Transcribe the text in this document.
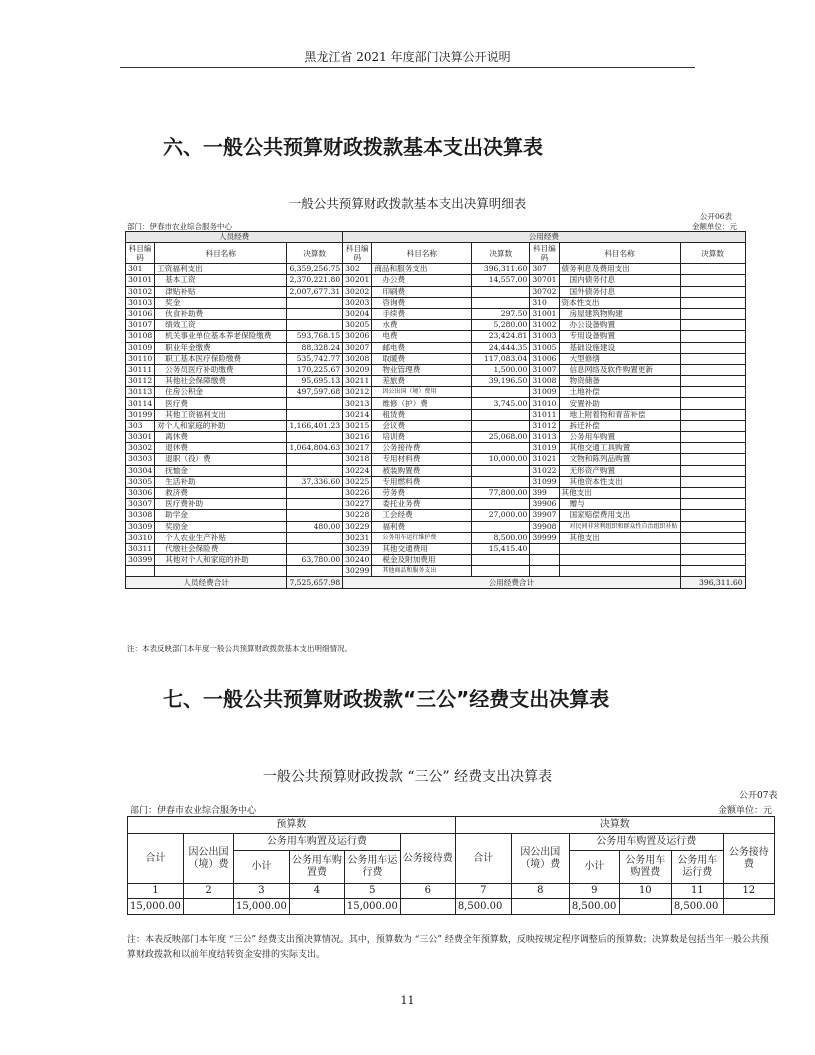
黑龙江省 2021 年度部门决算公开说明
六、一般公共预算财政拨款基本支出决算表
一般公共预算财政拨款基本支出决算明细表
公开06表
部门：伊春市农业综合服务中心	金额单位：元
人员经费			公用经费					
科目编码	科目名称	决算数	科目编码	科目名称	决算数	科目编码	科目名称	决算数
301	工资福利支出	6,359,256.75	302	商品和服务支出	396,311.60	307	债务利息及费用支出	
30101	基本工资	2,370,221.80	30201	办公费	14,557.00	30701	国内债务付息	
30102	津贴补贴	2,007,677.31	30202	印刷费		30702	国外债务付息	
30103	奖金		30203	咨询费		310	资本性支出	
30106	伙食补助费		30204	手续费	297.50	31001	房屋建筑物购建	
30107	绩效工资		30205	水费	5,280.00	31002	办公设备购置	
30108	机关事业单位基本养老保险缴费	593,768.15	30206	电费	23,424.81	31003	专用设备购置	
30109	职业年金缴费	88,328.24	30207	邮电费	24,444.35	31005	基础设施建设	
30110	职工基本医疗保险缴费	535,742.77	30208	取暖费	117,083.04	31006	大型修缮	
30111	公务员医疗补助缴费	170,225.67	30209	物业管理费	1,500.00	31007	信息网络及软件购置更新	
30112	其他社会保障缴费	95,695.13	30211	差旅费	39,196.50	31008	物资储备	
30113	住房公积金	497,597.68	30212	因公出国（境）费用		31009	土地补偿	
30114	医疗费		30213	维修（护）费	3,745.00	31010	安置补助	
30199	其他工资福利支出		30214	租赁费		31011	地上附着物和青苗补偿	
303	对个人和家庭的补助	1,166,401.23	30215	会议费		31012	拆迁补偿	
30301	离休费		30216	培训费	25,068.00	31013	公务用车购置	
30302	退休费	1,064,804.63	30217	公务接待费		31019	其他交通工具购置	
30303	退职（役）费		30218	专用材料费	10,000.00	31021	文物和陈列品购置	
30304	抚恤金		30224	被装购置费		31022	无形资产购置	
30305	生活补助	37,336.60	30225	专用燃料费		31099	其他资本性支出	
30306	救济费		30226	劳务费	77,800.00	399	其他支出	
30307	医疗费补助		30227	委托业务费		39906	赠与	
30308	助学金		30228	工会经费	27,000.00	39907	国家赔偿费用支出	
30309	奖励金	480.00	30229	福利费		39908	对民间非营利组织和群众性自治组织补贴	
30310	个人农业生产补贴		30231	公务用车运行维护费	8,500.00	39999	其他支出	
30311	代缴社会保险费		30239	其他交通费用	15,415.40			
30399	其他对个人和家庭的补助	63,780.00	30240	税金及附加费用				
			30299	其他商品和服务支出				
人员经费合计		7,525,657.98	公用经费合计					396,311.60
注：本表反映部门本年度一般公共预算财政拨款基本支出明细情况。
七、一般公共预算财政拨款“三公”经费支出决算表
一般公共预算财政拨款 “三公” 经费支出决算表
公开07表
部门：伊春市农业综合服务中心	金额单位：元
预算数						决算数					
合计	因公出国（境）费	公务用车购置及运行费			公务接待费	合计	因公出国（境）费	公务用车购置及运行费			公务接待费
		小计	公务用车购置费	公务用车运行费				小计	公务用车购置费	公务用车运行费	
1	2	3	4	5	6	7	8	9	10	11	12
15,000.00		15,000.00		15,000.00		8,500.00		8,500.00		8,500.00	
注：本表反映部门本年度 “三公” 经费支出预决算情况。其中，预算数为 “三公” 经费全年预算数，反映按规定程序调整后的预算数；决算数是包括当年一般公共预算财政拨款和以前年度结转资金安排的实际支出。
11
